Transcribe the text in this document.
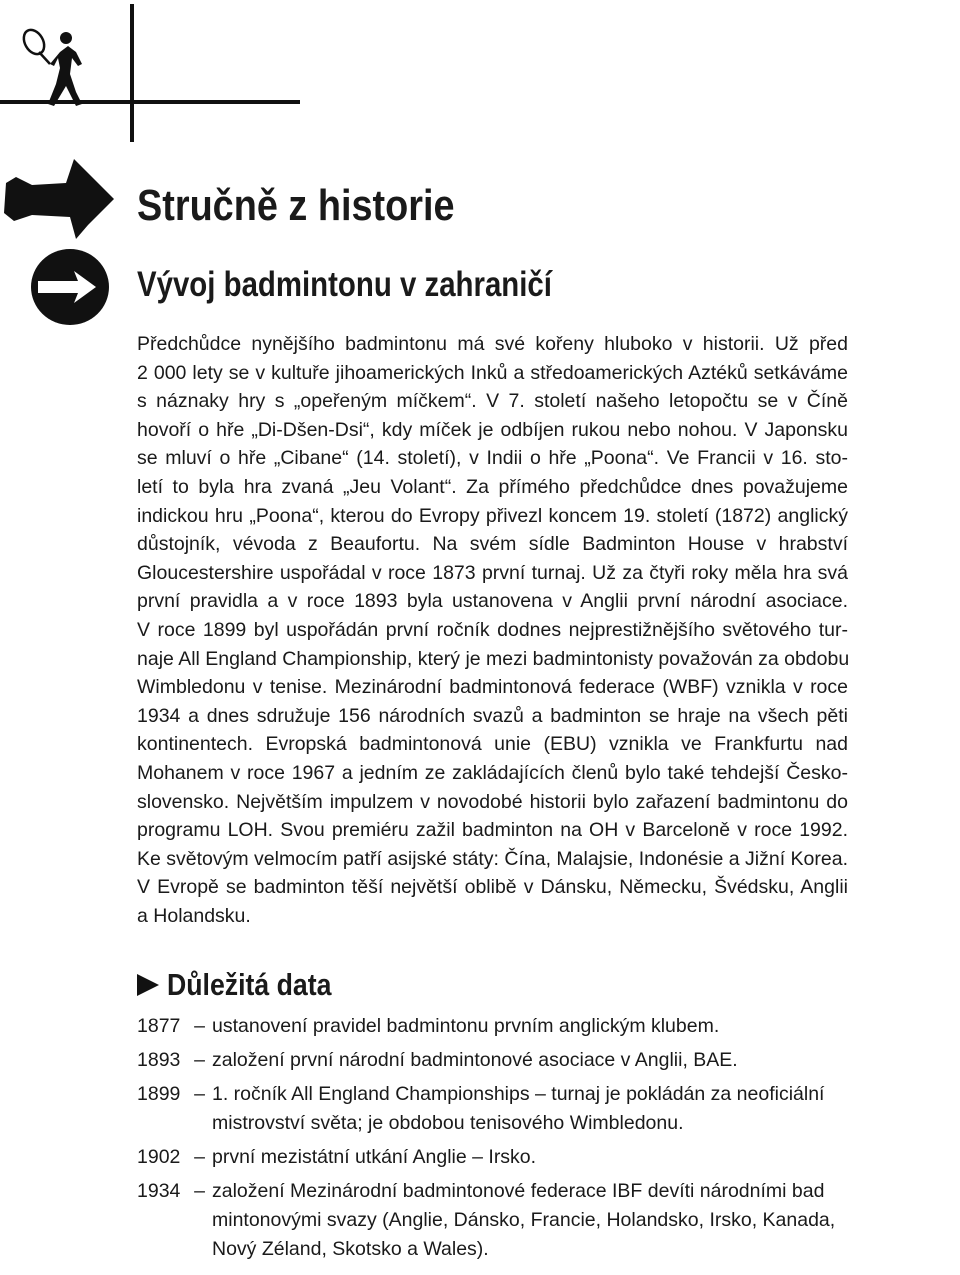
Stručně z historie
Vývoj badmintonu v zahraničí
Předchůdce nynějšího badmintonu má své kořeny hluboko v historii. Už před
2 000 lety se v kultuře jihoamerických Inků a středoamerických Aztéků setkáváme
s náznaky hry s „opeřeným míčkem“. V 7. století našeho letopočtu se v Číně
hovoří o hře „Di-Dšen-Dsi“, kdy míček je odbíjen rukou nebo nohou. V Japonsku
se mluví o hře „Cibane“ (14. století), v Indii o hře „Poona“. Ve Francii v 16. sto-
letí to byla hra zvaná „Jeu Volant“. Za přímého předchůdce dnes považujeme
indickou hru „Poona“, kterou do Evropy přivezl koncem 19. století (1872) anglický
důstojník, vévoda z Beaufortu. Na svém sídle Badminton House v hrabství
Gloucestershire uspořádal v roce 1873 první turnaj. Už za čtyři roky měla hra svá
první pravidla a v roce 1893 byla ustanovena v Anglii první národní asociace.
V roce 1899 byl uspořádán první ročník dodnes nejprestižnějšího světového tur-
naje All England Championship, který je mezi badmintonisty považován za obdobu
Wimbledonu v tenise. Mezinárodní badmintonová federace (WBF) vznikla v roce
1934 a dnes sdružuje 156 národních svazů a badminton se hraje na všech pěti
kontinentech. Evropská badmintonová unie (EBU) vznikla ve Frankfurtu nad
Mohanem v roce 1967 a jedním ze zakládajících členů bylo také tehdejší Česko-
slovensko. Největším impulzem v novodobé historii bylo zařazení badmintonu do
programu LOH. Svou premiéru zažil badminton na OH v Barceloně v roce 1992.
Ke světovým velmocím patří asijské státy: Čína, Malajsie, Indonésie a Jižní Korea.
V Evropě se badminton těší největší oblibě v Dánsku, Německu, Švédsku, Anglii
a Holandsku.
Důležitá data
1877 – ustanovení pravidel badmintonu prvním anglickým klubem.
1893 – založení první národní badmintonové asociace v Anglii, BAE.
1899 – 1. ročník All England Championships – turnaj je pokládán za neoficiální
mistrovství světa; je obdobou tenisového Wimbledonu.
1902 – první mezistátní utkání Anglie – Irsko.
1934 – založení Mezinárodní badmintonové federace IBF devíti národními bad
mintonovými svazy (Anglie, Dánsko, Francie, Holandsko, Irsko, Kanada,
Nový Zéland, Skotsko a Wales).
